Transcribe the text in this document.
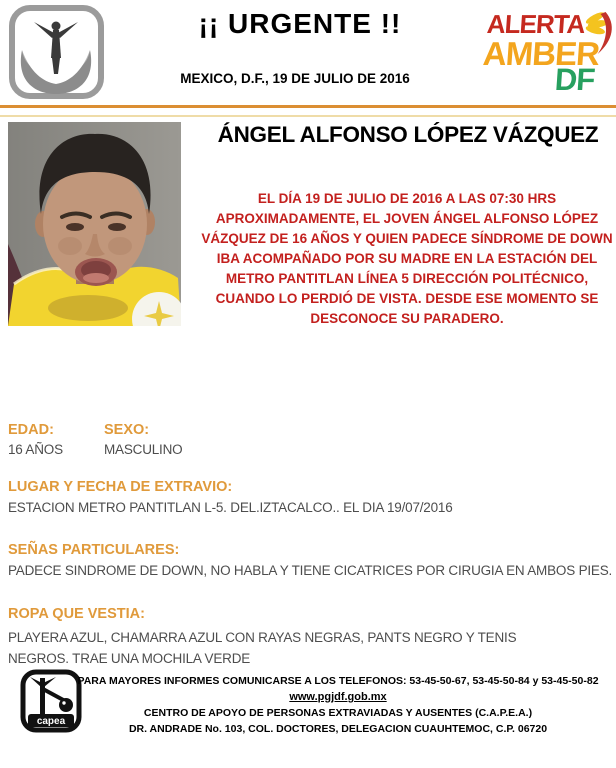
¡¡ URGENTE !!
MEXICO, D.F., 19 DE JULIO DE 2016
ALERTA
AMBER
DF
ÁNGEL ALFONSO LÓPEZ VÁZQUEZ
EL DÍA 19 DE JULIO DE 2016 A LAS 07:30 HRS
APROXIMADAMENTE, EL JOVEN ÁNGEL ALFONSO LÓPEZ
VÁZQUEZ DE 16 AÑOS Y QUIEN PADECE SÍNDROME DE DOWN
IBA ACOMPAÑADO POR SU MADRE EN LA ESTACIÓN DEL
METRO PANTITLAN LÍNEA 5 DIRECCIÓN POLITÉCNICO,
CUANDO LO PERDIÓ DE VISTA. DESDE ESE MOMENTO SE
DESCONOCE SU PARADERO.
EDAD:	SEXO:
16 AÑOS	MASCULINO
LUGAR Y FECHA DE EXTRAVIO:
ESTACION METRO PANTITLAN L-5. DEL.IZTACALCO.. EL DIA 19/07/2016
SEÑAS PARTICULARES:
PADECE SINDROME DE DOWN, NO HABLA Y TIENE CICATRICES POR CIRUGIA EN AMBOS PIES.
ROPA QUE VESTIA:
PLAYERA AZUL, CHAMARRA AZUL CON RAYAS NEGRAS, PANTS NEGRO Y TENIS NEGROS. TRAE UNA MOCHILA VERDE
capea
PARA MAYORES INFORMES COMUNICARSE A LOS TELEFONOS: 53-45-50-67, 53-45-50-84 y 53-45-50-82
www.pgjdf.gob.mx
CENTRO DE APOYO DE PERSONAS EXTRAVIADAS Y AUSENTES (C.A.P.E.A.)
DR. ANDRADE No. 103, COL. DOCTORES, DELEGACION CUAUHTEMOC, C.P. 06720
